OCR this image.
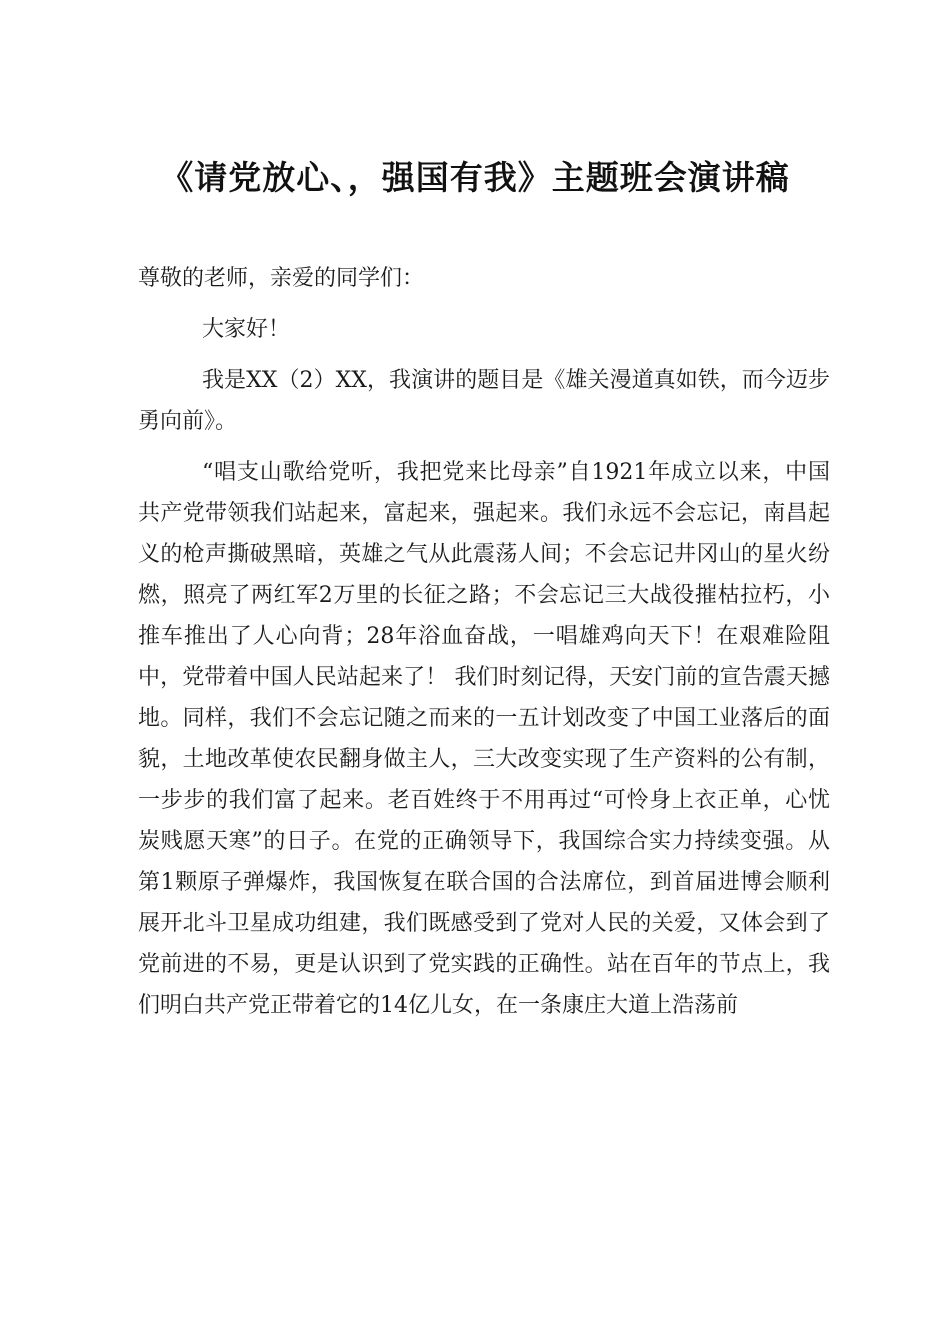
《请党放心、，强国有我》主题班会演讲稿

尊敬的老师，亲爱的同学们：

大家好！

我是XX（2）XX，我演讲的题目是《雄关漫道真如铁，而今迈步勇向前》。

“唱支山歌给党听，我把党来比母亲”自1921年成立以来，中国共产党带领我们站起来，富起来，强起来。我们永远不会忘记，南昌起义的枪声撕破黑暗，英雄之气从此震荡人间；不会忘记井冈山的星火纷燃，照亮了两红军2万里的长征之路；不会忘记三大战役摧枯拉朽，小推车推出了人心向背；28年浴血奋战，一唱雄鸡向天下！在艰难险阻中，党带着中国人民站起来了！ 我们时刻记得，天安门前的宣告震天撼地。同样，我们不会忘记随之而来的一五计划改变了中国工业落后的面貌，土地改革使农民翻身做主人，三大改变实现了生产资料的公有制，一步步的我们富了起来。老百姓终于不用再过“可怜身上衣正单，心忧炭贱愿天寒”的日子。在党的正确领导下，我国综合实力持续变强。从第1颗原子弹爆炸，我国恢复在联合国的合法席位，到首届进博会顺利展开北斗卫星成功组建，我们既感受到了党对人民的关爱，又体会到了党前进的不易，更是认识到了党实践的正确性。站在百年的节点上，我们明白共产党正带着它的14亿儿女，在一条康庄大道上浩荡前
